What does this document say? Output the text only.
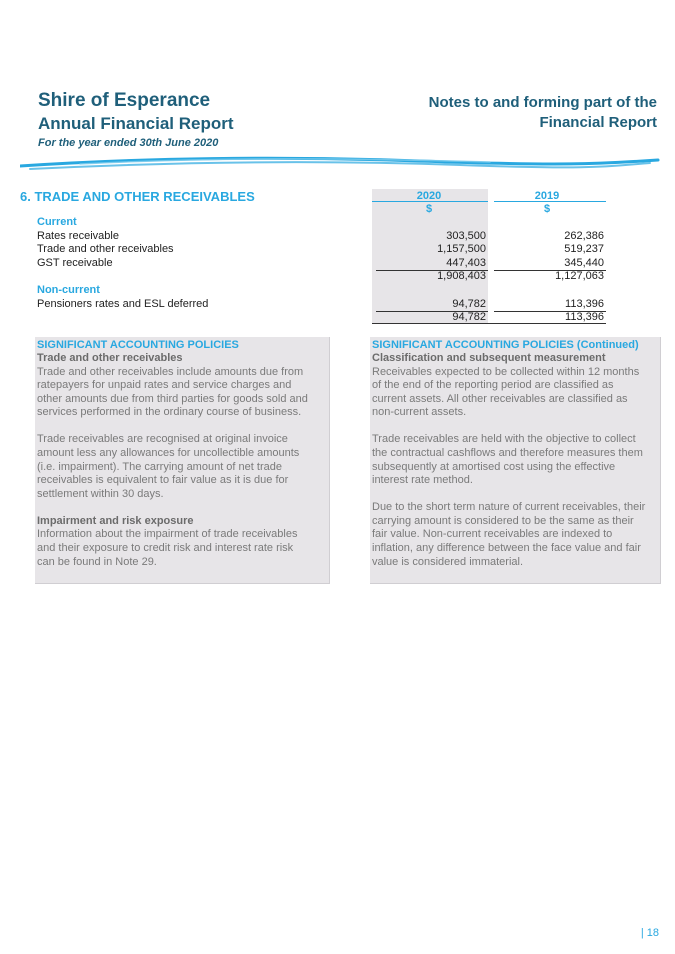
Shire of Esperance
Annual Financial Report
For the year ended 30th June 2020
Notes to and forming part of the
Financial Report
6. TRADE AND OTHER RECEIVABLES	2020	2019
$	$
Current
Rates receivable	303,500	262,386
Trade and other receivables	1,157,500	519,237
GST receivable	447,403	345,440
1,908,403	1,127,063
Non-current
Pensioners rates and ESL deferred	94,782	113,396
94,782	113,396
SIGNIFICANT ACCOUNTING POLICIES
Trade and other receivables
Trade and other receivables include amounts due from
ratepayers for unpaid rates and service charges and
other amounts due from third parties for goods sold and
services performed in the ordinary course of business.
Trade receivables are recognised at original invoice
amount less any allowances for uncollectible amounts
(i.e. impairment). The carrying amount of net trade
receivables is equivalent to fair value as it is due for
settlement within 30 days.
Impairment and risk exposure
Information about the impairment of trade receivables
and their exposure to credit risk and interest rate risk
can be found in Note 29.
SIGNIFICANT ACCOUNTING POLICIES (Continued)
Classification and subsequent measurement
Receivables expected to be collected within 12 months
of the end of the reporting period are classified as
current assets. All other receivables are classified as
non-current assets.
Trade receivables are held with the objective to collect
the contractual cashflows and therefore measures them
subsequently at amortised cost using the effective
interest rate method.
Due to the short term nature of current receivables, their
carrying amount is considered to be the same as their
fair value. Non-current receivables are indexed to
inflation, any difference between the face value and fair
value is considered immaterial.
| 18
